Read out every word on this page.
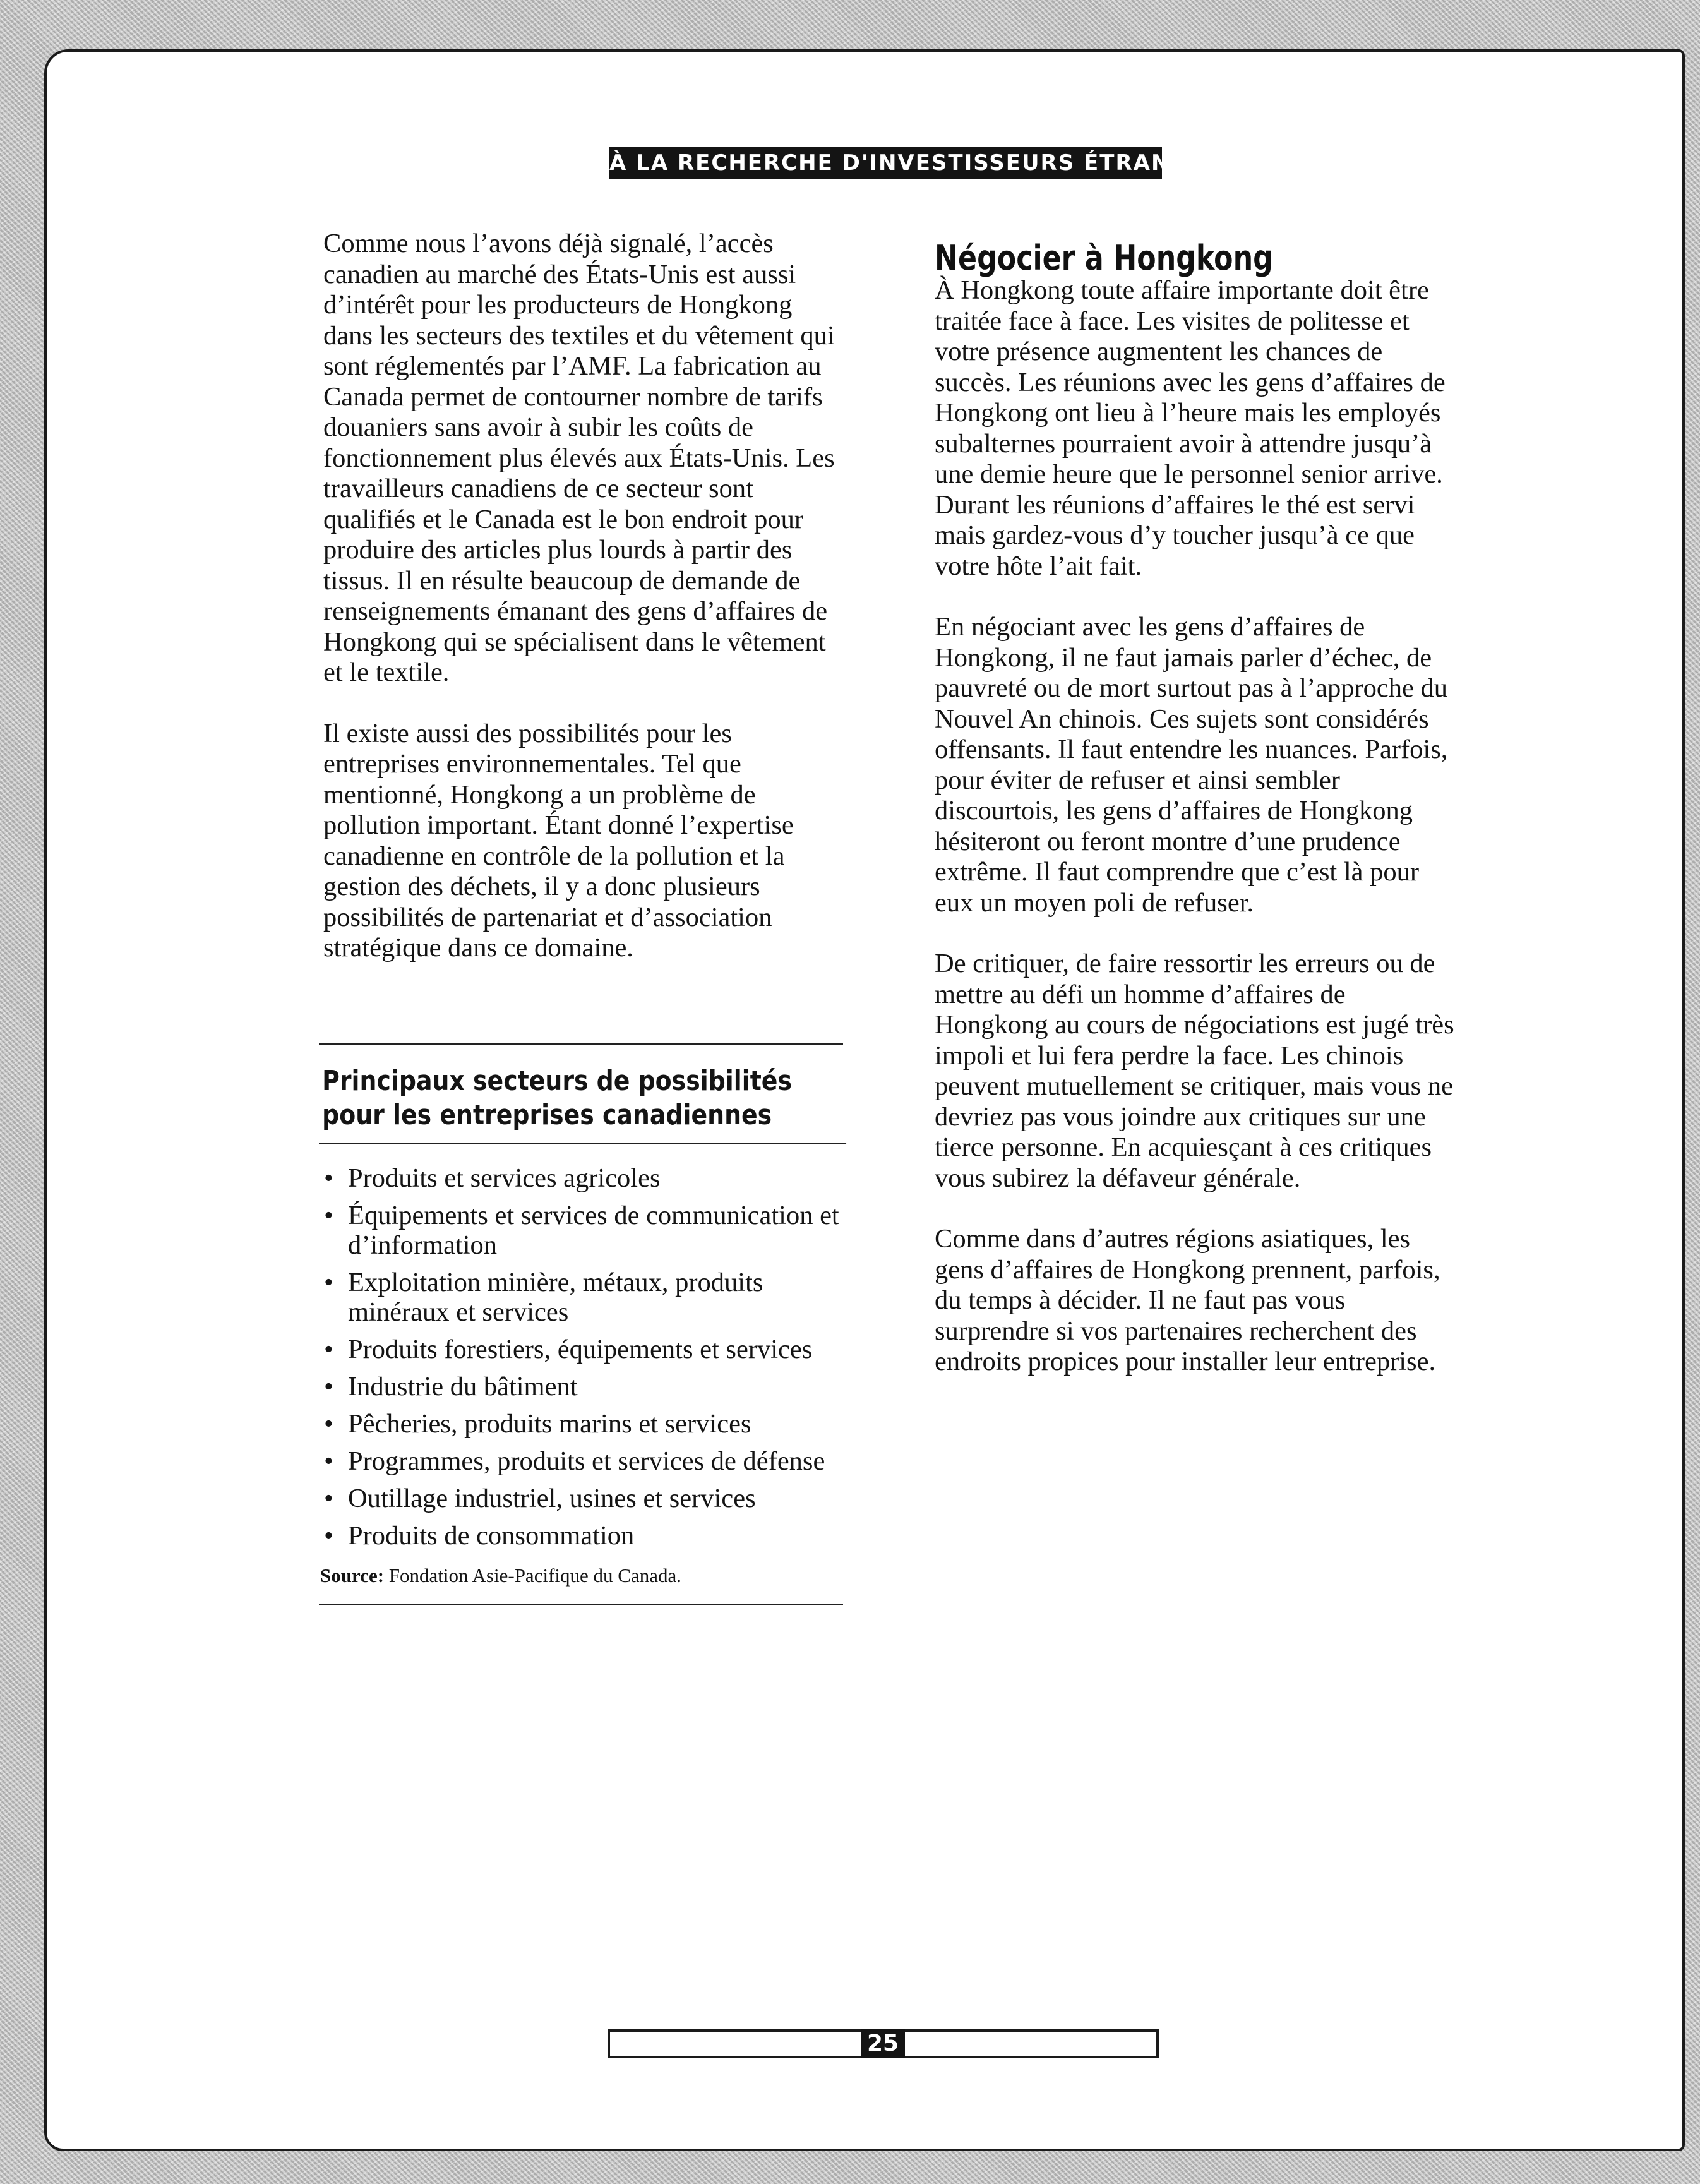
À LA RECHERCHE D'INVESTISSEURS ÉTRANGERS

Comme nous l’avons déjà signalé, l’accès canadien au marché des États-Unis est aussi d’intérêt pour les producteurs de Hongkong dans les secteurs des textiles et du vêtement qui sont réglementés par l’AMF. La fabrication au Canada permet de contourner nombre de tarifs douaniers sans avoir à subir les coûts de fonctionnement plus élevés aux États-Unis. Les travailleurs canadiens de ce secteur sont qualifiés et le Canada est le bon endroit pour produire des articles plus lourds à partir des tissus. Il en résulte beaucoup de demande de renseignements émanant des gens d’affaires de Hongkong qui se spécialisent dans le vêtement et le textile.

Il existe aussi des possibilités pour les entreprises environnementales. Tel que mentionné, Hongkong a un problème de pollution important. Étant donné l’expertise canadienne en contrôle de la pollution et la gestion des déchets, il y a donc plusieurs possibilités de partenariat et d’association stratégique dans ce domaine.

Principaux secteurs de possibilités
pour les entreprises canadiennes
• Produits et services agricoles
• Équipements et services de communication et d’information
• Exploitation minière, métaux, produits minéraux et services
• Produits forestiers, équipements et services
• Industrie du bâtiment
• Pêcheries, produits marins et services
• Programmes, produits et services de défense
• Outillage industriel, usines et services
• Produits de consommation
Source: Fondation Asie-Pacifique du Canada.
Négocier à Hongkong

À Hongkong toute affaire importante doit être traitée face à face. Les visites de politesse et votre présence augmentent les chances de succès. Les réunions avec les gens d’affaires de Hongkong ont lieu à l’heure mais les employés subalternes pourraient avoir à attendre jusqu’à une demie heure que le personnel senior arrive. Durant les réunions d’affaires le thé est servi mais gardez-vous d’y toucher jusqu’à ce que votre hôte l’ait fait.

En négociant avec les gens d’affaires de Hongkong, il ne faut jamais parler d’échec, de pauvreté ou de mort surtout pas à l’approche du Nouvel An chinois. Ces sujets sont considérés offensants. Il faut entendre les nuances. Parfois, pour éviter de refuser et ainsi sembler discourtois, les gens d’affaires de Hongkong hésiteront ou feront montre d’une prudence extrême. Il faut comprendre que c’est là pour eux un moyen poli de refuser.

De critiquer, de faire ressortir les erreurs ou de mettre au défi un homme d’affaires de Hongkong au cours de négociations est jugé très impoli et lui fera perdre la face. Les chinois peuvent mutuellement se critiquer, mais vous ne devriez pas vous joindre aux critiques sur une tierce personne. En acquiesçant à ces critiques vous subirez la défaveur générale.

Comme dans d’autres régions asiatiques, les gens d’affaires de Hongkong prennent, parfois, du temps à décider. Il ne faut pas vous surprendre si vos partenaires recherchent des endroits propices pour installer leur entreprise.

25
